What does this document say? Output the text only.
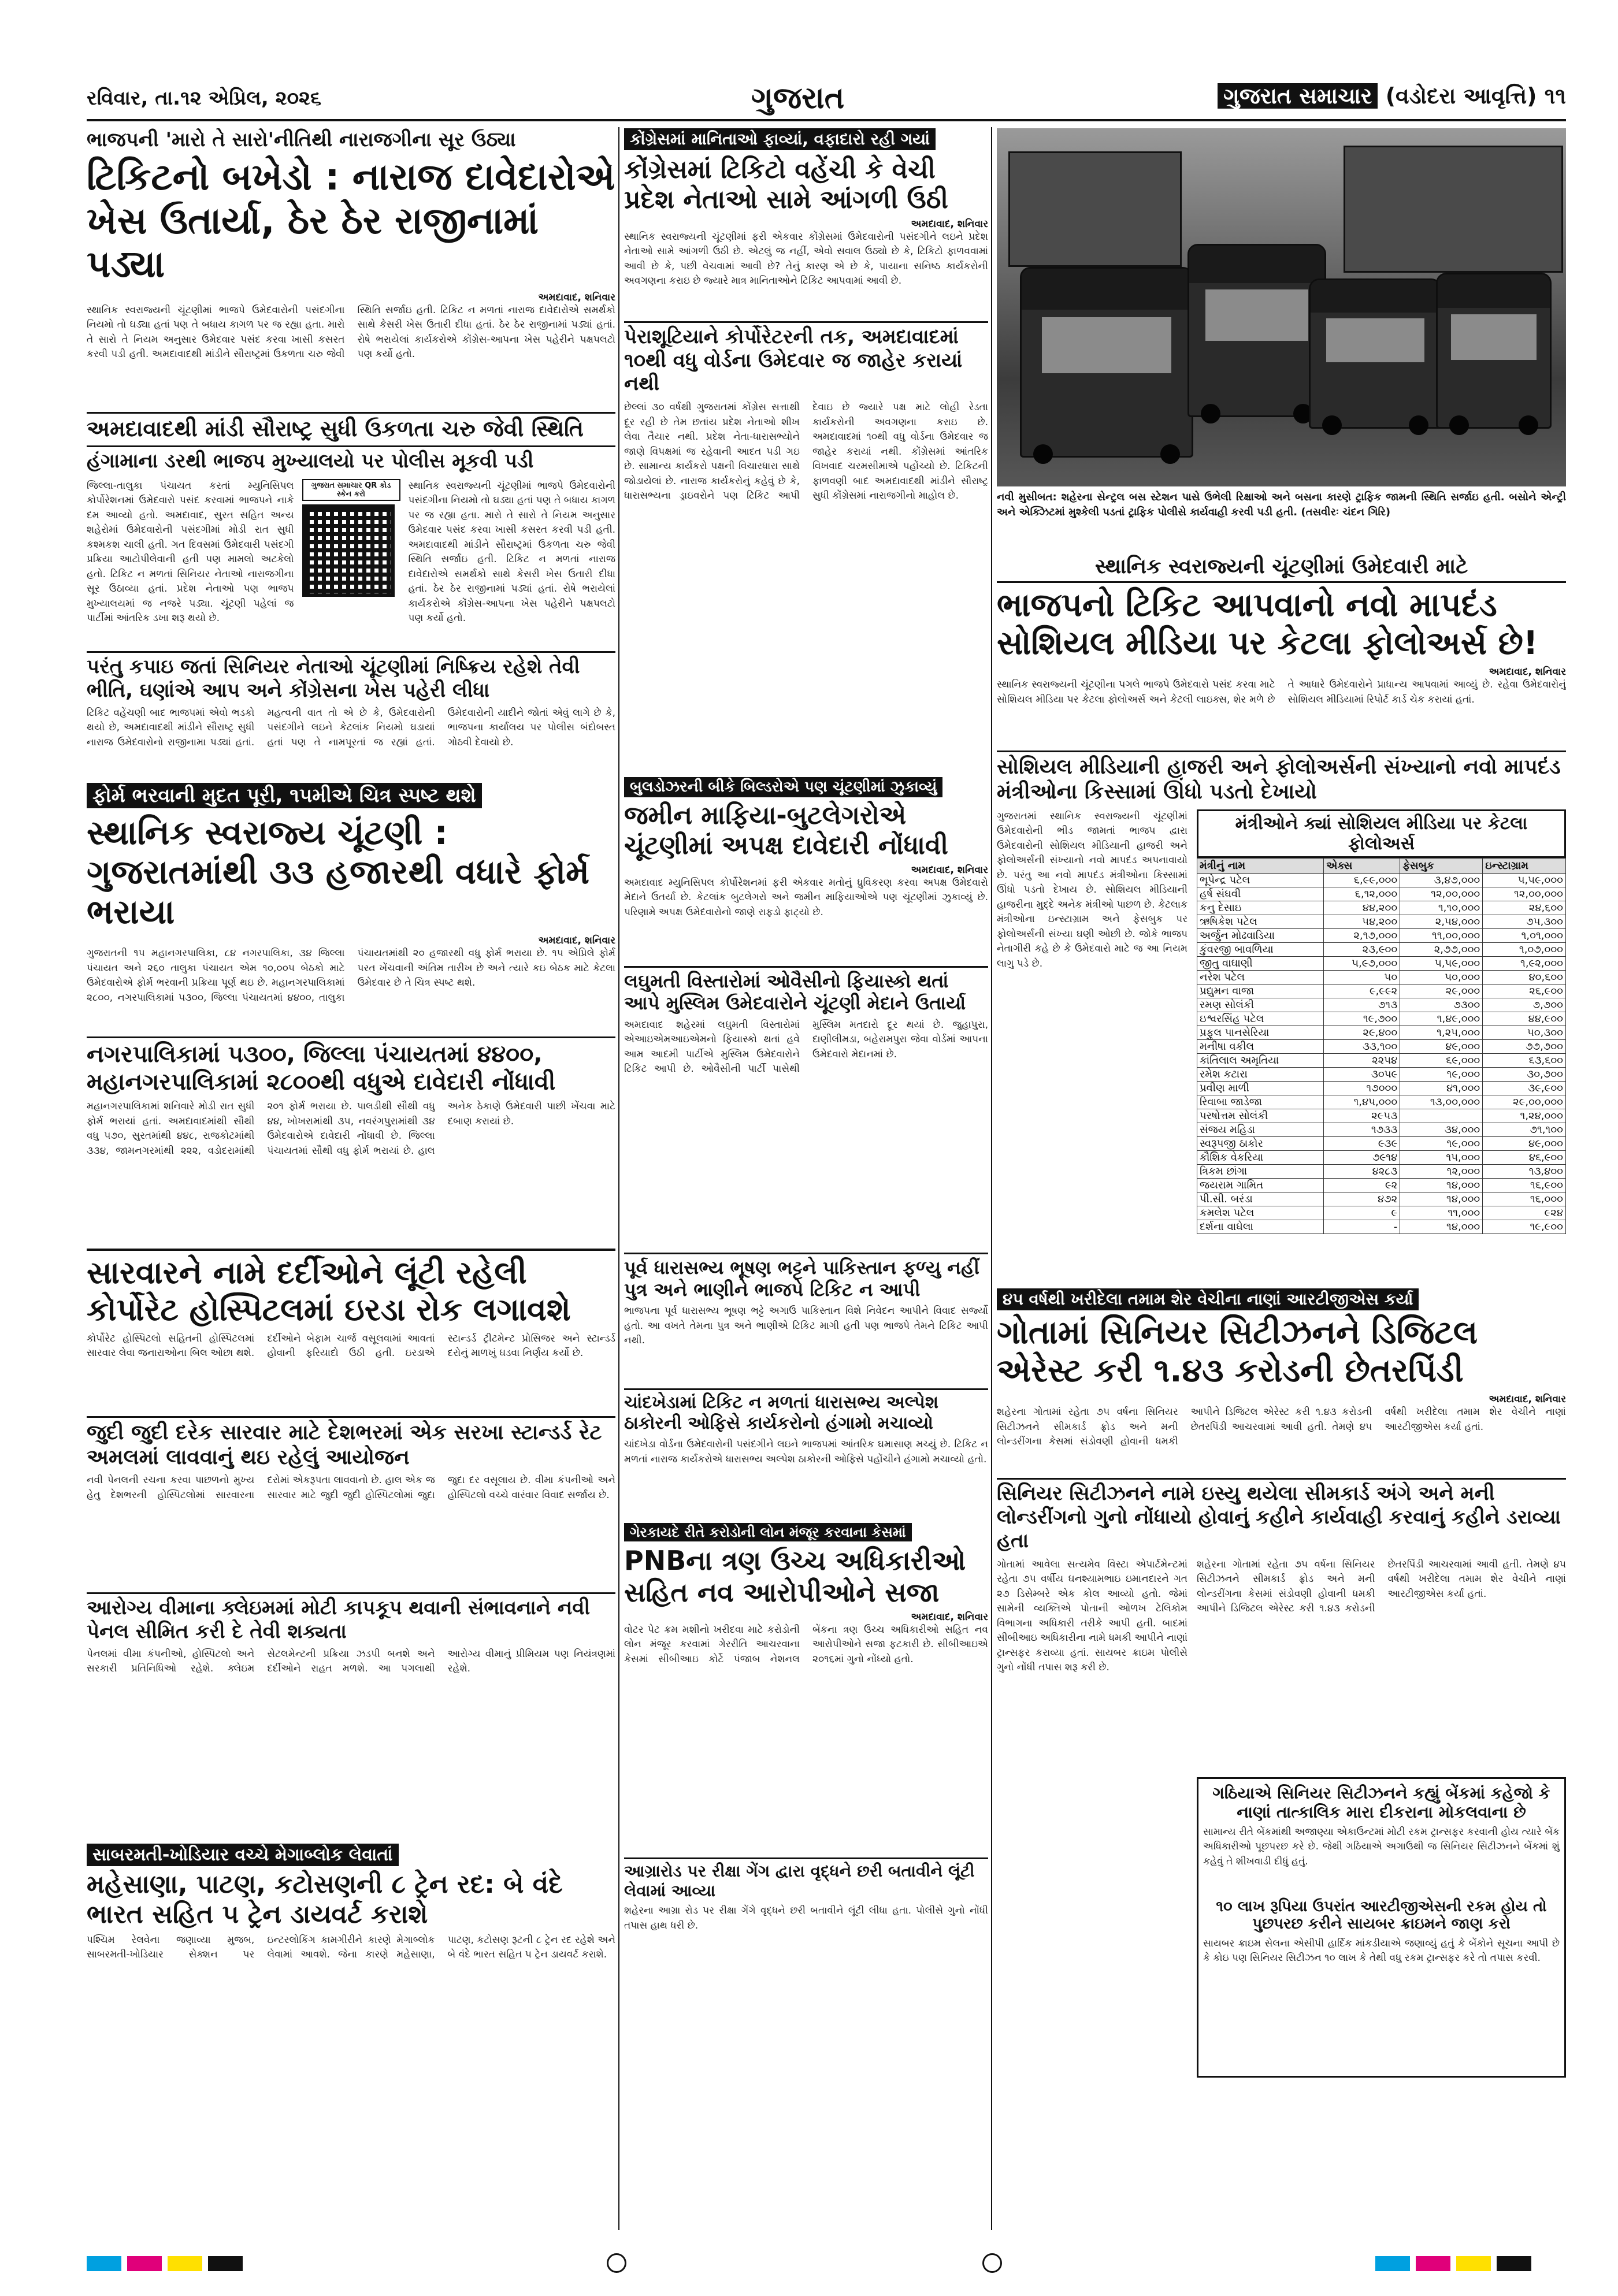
રવિવાર, તા.૧૨ એપ્રિલ, ૨૦૨૬	ગુજરાત	ગુજરાત સમાચાર (વડોદરા આવૃત્તિ) ૧૧
ભાજપની 'મારો તે સારો'નીતિથી નારાજગીના સૂર ઉઠ્યા
ટિકિટનો બખેડો : નારાજ દાવેદારોએ ખેસ ઉતાર્યા, ઠેર ઠેર રાજીનામાં પડ્યા
અમદાવાદ, શનિવાર
સ્થાનિક સ્વરાજ્યની ચૂંટણીમાં ભાજપે ઉમેદવારોની પસંદગીના નિયમો તો ઘડ્યા હતાં પણ તે બધાય કાગળ પર જ રહ્યા હતા. મારો તે સારો તે નિયમ અનુસાર ઉમેદવાર પસંદ કરવા ખાસી કસરત કરવી પડી હતી. અમદાવાદથી માંડીને સૌરાષ્ટ્રમાં ઉકળતા ચરુ જેવી સ્થિતિ સર્જાઇ હતી. ટિકિટ ન મળતાં નારાજ દાવેદારોએ સમર્થકો સાથે કેસરી ખેસ ઉતારી દીધા હતાં. ઠેર ઠેર રાજીનામાં પડ્યાં હતાં. રોષે ભરાયેલાં કાર્યકરોએ કોંગ્રેસ-આપના ખેસ પહેરીને પક્ષપલટો પણ કર્યો હતો.
અમદાવાદથી માંડી સૌરાષ્ટ્ર સુધી ઉકળતા ચરુ જેવી સ્થિતિ
હંગામાના ડરથી ભાજપ મુખ્યાલયો પર પોલીસ મૂકવી પડી
જિલ્લા-તાલુકા પંચાયત કરતાં મ્યુનિસિપલ કોર્પોરેશનમાં ઉમેદવારો પસંદ કરવામાં ભાજપને નાકે દમ આવ્યો હતો. અમદાવાદ, સુરત સહિત અન્ય શહેરોમાં ઉમેદવારોની પસંદગીમાં મોડી રાત સુધી કશ્મકશ ચાલી હતી. ગત દિવસમાં ઉમેદવારી પસંદગી પ્રક્રિયા આટોપીલેવાની હતી પણ મામલો અટકેલો હતો. ટિકિટ ન મળતાં સિનિયર નેતાઓ નારાજગીના સૂર ઉઠાવ્યા હતાં. પ્રદેશ નેતાઓ પણ ભાજપ મુખ્યાલયમાં જ નજરે પડ્યા. ચૂંટણી પહેલાં જ પાર્ટીમાં આંતરિક ડખા શરૂ થયો છે.
ગુજરાત સમાચાર QR કોડ સ્કેન કરો
સ્થાનિક સ્વરાજ્યની ચૂંટણીમાં ભાજપે ઉમેદવારોની પસંદગીના નિયમો તો ઘડ્યા હતાં પણ તે બધાય કાગળ પર જ રહ્યા હતા. મારો તે સારો તે નિયમ અનુસાર ઉમેદવાર પસંદ કરવા ખાસી કસરત કરવી પડી હતી. અમદાવાદથી માંડીને સૌરાષ્ટ્રમાં ઉકળતા ચરુ જેવી સ્થિતિ સર્જાઇ હતી. ટિકિટ ન મળતાં નારાજ દાવેદારોએ સમર્થકો સાથે કેસરી ખેસ ઉતારી દીધા હતાં. ઠેર ઠેર રાજીનામાં પડ્યાં હતાં. રોષે ભરાયેલાં કાર્યકરોએ કોંગ્રેસ-આપના ખેસ પહેરીને પક્ષપલટો પણ કર્યો હતો.
પરંતુ કપાઇ જતાં સિનિયર નેતાઓ ચૂંટણીમાં નિષ્ક્રિય રહેશે તેવી ભીતિ, ઘણાંએ આપ અને કોંગ્રેસના ખેસ પહેરી લીધા
ટિકિટ વહેંચણી બાદ ભાજપમાં એવો ભડકો થયો છે, અમદાવાદથી માંડીને સૌરાષ્ટ્ર સુધી નારાજ ઉમેદવારોનો રાજીનામા પડ્યાં હતાં. મહત્વની વાત તો એ છે કે, ઉમેદવારોની પસંદગીને લઇને કેટલાંક નિયમો ઘડાયાં હતાં પણ તે નામપૂરતાં જ રહ્યાં હતાં. ઉમેદવારોની યાદીને જોતાં એવું લાગે છે કે, ભાજપના કાર્યાલય પર પોલીસ બંદોબસ્ત ગોઠવી દેવાયો છે.
કોંગ્રેસમાં માનિતાઓ ફાવ્યાં, વફાદારો રહી ગયાં
કોંગ્રેસમાં ટિકિટો વહેંચી કે વેચી પ્રદેશ નેતાઓ સામે આંગળી ઉઠી
અમદાવાદ, શનિવાર
સ્થાનિક સ્વરાજ્યની ચૂંટણીમાં ફરી એકવાર કોંગ્રેસમાં ઉમેદવારોની પસંદગીને લઇને પ્રદેશ નેતાઓ સામે આંગળી ઉઠી છે. એટલું જ નહીં, એવો સવાલ ઉઠ્યો છે કે, ટિકિટો ફાળવવામાં આવી છે કે, પછી વેચવામાં આવી છે? તેનું કારણ એ છે કે, પાયાના સનિષ્ઠ કાર્યકરોની અવગણના કરાઇ છે જ્યારે માત્ર માનિતાઓને ટિકિટ આપવામાં આવી છે.
પેરાશૂટિયાને કોર્પોરેટરની તક, અમદાવાદમાં ૧૦થી વધુ વોર્ડના ઉમેદવાર જ જાહેર કરાયાં નથી
છેલ્લાં ૩૦ વર્ષથી ગુજરાતમાં કોંગ્રેસ સત્તાથી દૂર રહી છે તેમ છતાંય પ્રદેશ નેતાઓ શીખ લેવા તૈયાર નથી. પ્રદેશ નેતા-ધારાસભ્યોને જાણે વિપક્ષમાં જ રહેવાની આદત પડી ગઇ છે. સામાન્ય કાર્યકરો પક્ષની વિચારધારા સાથે જોડાયેલાં છે. નારાજ કાર્યકરોનું કહેવું છે કે, ધારાસભ્યના ડ્રાઇવરોને પણ ટિકિટ આપી દેવાઇ છે જ્યારે પક્ષ માટે લોહી રેડતા કાર્યકરોની અવગણના કરાઇ છે. અમદાવાદમાં ૧૦થી વધુ વોર્ડના ઉમેદવાર જ જાહેર કરાયાં નથી. કોંગ્રેસમાં આંતરિક વિખવાદ ચરમસીમાએ પહોંચ્યો છે. ટિકિટની ફાળવણી બાદ અમદાવાદથી માંડીને સૌરાષ્ટ્ર સુધી કોંગ્રેસમાં નારાજગીનો માહોલ છે.	નવી મુસીબત: શહેરના સેન્ટ્રલ બસ સ્ટેશન પાસે ઉભેલી રિક્ષાઓ અને બસના કારણે ટ્રાફિક જામની સ્થિતિ સર્જાઇ હતી. બસોને એન્ટ્રી અને એક્ઝિટમાં મુશ્કેલી પડતાં ટ્રાફિક પોલીસે કાર્યવાહી કરવી પડી હતી. (તસવીરઃ ચંદન ગિરિ)
સ્થાનિક સ્વરાજ્યની ચૂંટણીમાં ઉમેદવારી માટે
ભાજપનો ટિકિટ આપવાનો નવો માપદંડ સોશિયલ મીડિયા પર કેટલા ફોલોઅર્સ છે!
અમદાવાદ, શનિવાર
સ્થાનિક સ્વરાજ્યની ચૂંટણીના પગલે ભાજપે ઉમેદવારો પસંદ કરવા માટે સોશિયલ મીડિયા પર કેટલા ફોલોઅર્સ અને કેટલી લાઇક્સ, શેર મળે છે તે આધારે ઉમેદવારોને પ્રાધાન્ય આપવામાં આવ્યું છે. રહેવા ઉમેદવારોનું સોશિયલ મીડિયામાં રિપોર્ટ કાર્ડ ચેક કરાયાં હતાં.
સોશિયલ મીડિયાની હાજરી અને ફોલોઅર્સની સંખ્યાનો નવો માપદંડ મંત્રીઓના કિસ્સામાં ઊંધો પડતો દેખાયો
ગુજરાતમાં સ્થાનિક સ્વરાજ્યની ચૂંટણીમાં ઉમેદવારોની ભીડ જામતાં ભાજપ દ્વારા ઉમેદવારોની સોશિયલ મીડિયાની હાજરી અને ફોલોઅર્સની સંખ્યાનો નવો માપદંડ અપનાવાયો છે. પરંતુ આ નવો માપદંડ મંત્રીઓના કિસ્સામાં ઊંધો પડતો દેખાય છે. સોશિયલ મીડિયાની હાજરીના મુદ્દે અનેક મંત્રીઓ પાછળ છે. કેટલાક મંત્રીઓના ઇન્સ્ટાગ્રામ અને ફેસબુક પર ફોલોઅર્સની સંખ્યા ઘણી ઓછી છે. જોકે ભાજપ નેતાગીરી કહે છે કે ઉમેદવારો માટે જ આ નિયમ લાગુ પડે છે.
મંત્રીઓને ક્યાં સોશિયલ મીડિયા પર કેટલા ફોલોઅર્સ
મંત્રીનું નામ	એક્સ	ફેસબુક	ઇન્સ્ટાગ્રામ
ભૂપેન્દ્ર પટેલ	૬,૯૯,૦૦૦	૩,૪૭,૦૦૦	૫,૫૯,૦૦૦
હર્ષ સંઘવી	૬,૧૨,૦૦૦	૧૨,૦૦,૦૦૦	૧૨,૦૦,૦૦૦
કનુ દેસાઇ	૪૪,૨૦૦	૧,૧૦,૦૦૦	૨૪,૬૦૦
ઋષિકેશ પટેલ	૫૪,૨૦૦	૨,૫૪,૦૦૦	૭૫,૩૦૦
અર્જુન મોઢવાડિયા	૨,૧૭,૦૦૦	૧૧,૦૦,૦૦૦	૧,૦૧,૦૦૦
કુંવરજી બાવળિયા	૨૩,૯૦૦	૨,૭૭,૦૦૦	૧,૦૭,૦૦૦
જીતુ વાઘાણી	૫,૯૭,૦૦૦	૫,૫૯,૦૦૦	૧,૯૨,૦૦૦
નરેશ પટેલ	૫૦	૫૦,૦૦૦	૪૦,૬૦૦
પ્રદ્યુમન વાજા	૯,૯૯૨	૨૯,૦૦૦	૨૬,૯૦૦
રમણ સોલંકી	૭૧૩	૭૩૦૦	૭,૭૦૦
ઇશ્વરસિંહ પટેલ	૧૯,૭૦૦	૧,૪૯,૦૦૦	૪૪,૯૦૦
પ્રફુલ પાનસેરિયા	૨૯,૪૦૦	૧,૨૫,૦૦૦	૫૦,૩૦૦
મનીષા વકીલ	૩૩,૧૦૦	૪૯,૦૦૦	૭૭,૭૦૦
કાંતિલાલ અમૃતિયા	૨૨૫૪	૬૯,૦૦૦	૬૩,૬૦૦
રમેશ કટારા	૩૦૫૯	૧૯,૦૦૦	૩૦,૭૦૦
પ્રવીણ માળી	૧૭૦૦૦	૪૧,૦૦૦	૩૯,૯૦૦
રિવાબા જાડેજા	૧,૪૫,૦૦૦	૧૩,૦૦,૦૦૦	૨૯,૦૦,૦૦૦
પરષોત્તમ સોલંકી	૨૯૫૩		૧,૨૪,૦૦૦
સંજય મહિડા	૧૭૩૩	૩૪,૦૦૦	૭૧,૧૦૦
સ્વરૂપજી ઠાકોર	૯૩૯	૧૯,૦૦૦	૪૯,૦૦૦
કૌશિક વેકરિયા	૭૯૧૪	૧૫,૦૦૦	૪૬,૯૦૦
ત્રિકમ છાંગા	૪૨૮૩	૧૨,૦૦૦	૧૩,૪૦૦
જયરામ ગામિત	૯૨	૧૪,૦૦૦	૧૬,૯૦૦
પી.સી. બરંડા	૪૭૨	૧૪,૦૦૦	૧૬,૦૦૦
કમલેશ પટેલ	૯	૧૧,૦૦૦	૯૨૪
દર્શના વાઘેલા	-	૧૪,૦૦૦	૧૯,૯૦૦
ફોર્મ ભરવાની મુદત પૂરી, ૧૫મીએ ચિત્ર સ્પષ્ટ થશે
સ્થાનિક સ્વરાજ્ય ચૂંટણી : ગુજરાતમાંથી ૩૩ હજારથી વધારે ફોર્મ ભરાયા
અમદાવાદ, શનિવાર
ગુજરાતની ૧૫ મહાનગરપાલિકા, ૮૪ નગરપાલિકા, ૩૪ જિલ્લા પંચાયત અને ૨૬૦ તાલુકા પંચાયત એમ ૧૦,૦૦૫ બેઠકો માટે ઉમેદવારોએ ફોર્મ ભરવાની પ્રક્રિયા પૂર્ણ થઇ છે. મહાનગરપાલિકામાં ૨૮૦૦, નગરપાલિકામાં ૫૩૦૦, જિલ્લા પંચાયતમાં ૪૪૦૦, તાલુકા પંચાયતમાંથી ૨૦ હજારથી વધુ ફોર્મ ભરાયા છે. ૧૫ એપ્રિલે ફોર્મ પરત ખેંચવાની અંતિમ તારીખ છે અને ત્યારે કઇ બેઠક માટે કેટલા ઉમેદવાર છે તે ચિત્ર સ્પષ્ટ થશે.
નગરપાલિકામાં ૫૩૦૦, જિલ્લા પંચાયતમાં ૪૪૦૦, મહાનગરપાલિકામાં ૨૮૦૦થી વધુએ દાવેદારી નોંધાવી
મહાનગરપાલિકામાં શનિવારે મોડી રાત સુધી ફોર્મ ભરાયાં હતાં. અમદાવાદમાંથી સૌથી વધુ ૫૭૦, સુરતમાંથી ૪૪૮, રાજકોટમાંથી ૩૩૪, જામનગરમાંથી ૨૨૨, વડોદરામાંથી ૨૦૧ ફોર્મ ભરાયા છે. પાલડીથી સૌથી વધુ ૪૪, ખોખરામાંથી ૩૫, નવરંગપુરામાંથી ૩૪ ઉમેદવારોએ દાવેદારી નોંધાવી છે. જિલ્લા પંચાયતમાં સૌથી વધુ ફોર્મ ભરાયાં છે. હાલ અનેક ઠેકાણે ઉમેદવારી પાછી ખેંચવા માટે દબાણ કરાયાં છે.
સારવારને નામે દર્દીઓને લૂંટી રહેલી કોર્પોરેટ હોસ્પિટલમાં ઇરડા રોક લગાવશે
કોર્પોરેટ હોસ્પિટલો સહિતની હોસ્પિટલમાં સારવાર લેવા જનારાઓના બિલ ઓછા થશે. દર્દીઓને બેફામ ચાર્જ વસૂલવામાં આવતાં હોવાની ફરિયાદો ઉઠી હતી. ઇરડાએ સ્ટાન્ડર્ડ ટ્રીટમેન્ટ પ્રોસિજર અને સ્ટાન્ડર્ડ દરોનું માળખું ઘડવા નિર્ણય કર્યો છે.
જુદી જુદી દરેક સારવાર માટે દેશભરમાં એક સરખા સ્ટાન્ડર્ડ રેટ અમલમાં લાવવાનું થઇ રહેલું આયોજન
નવી પેનલની રચના કરવા પાછળનો મુખ્ય હેતુ દેશભરની હોસ્પિટલોમાં સારવારના દરોમાં એકરૂપતા લાવવાનો છે. હાલ એક જ સારવાર માટે જુદી જુદી હોસ્પિટલોમાં જુદા જુદા દર વસૂલાય છે. વીમા કંપનીઓ અને હોસ્પિટલો વચ્ચે વારંવાર વિવાદ સર્જાય છે.
આરોગ્ય વીમાના ક્લેઇમમાં મોટી કાપકૂપ થવાની સંભાવનાને નવી પેનલ સીમિત કરી દે તેવી શક્યતા
પેનલમાં વીમા કંપનીઓ, હોસ્પિટલો અને સરકારી પ્રતિનિધિઓ રહેશે. ક્લેઇમ સેટલમેન્ટની પ્રક્રિયા ઝડપી બનશે અને દર્દીઓને રાહત મળશે. આ પગલાથી આરોગ્ય વીમાનું પ્રીમિયમ પણ નિયંત્રણમાં રહેશે.
સાબરમતી-ખોડિયાર વચ્ચે મેગાબ્લોક લેવાતાં
મહેસાણા, પાટણ, કટોસણની ૮ ટ્રેન રદ: બે વંદે ભારત સહિત ૫ ટ્રેન ડાયવર્ટ કરાશે
પશ્ચિમ રેલવેના જણાવ્યા મુજબ, સાબરમતી-ખોડિયાર સેક્શન પર ઇન્ટરલોકિંગ કામગીરીને કારણે મેગાબ્લોક લેવામાં આવશે. જેના કારણે મહેસાણા, પાટણ, કટોસણ રૂટની ૮ ટ્રેન રદ રહેશે અને બે વંદે ભારત સહિત ૫ ટ્રેન ડાયવર્ટ કરાશે.
બુલડોઝરની બીકે બિલ્ડરોએ પણ ચૂંટણીમાં ઝુકાવ્યું
જમીન માફિયા-બુટલેગરોએ ચૂંટણીમાં અપક્ષ દાવેદારી નોંધાવી
અમદાવાદ, શનિવાર
અમદાવાદ મ્યુનિસિપલ કોર્પોરેશનમાં ફરી એકવાર મતોનું ધ્રુવિકરણ કરવા અપક્ષ ઉમેદવારો મેદાને ઉતર્યા છે. કેટલાંક બુટલેગરો અને જમીન માફિયાઓએ પણ ચૂંટણીમાં ઝુકાવ્યું છે. પરિણામે અપક્ષ ઉમેદવારોનો જાણે રાફડો ફાટ્યો છે.
લઘુમતી વિસ્તારોમાં ઓવૈસીનો ફિયાસ્કો થતાં આપે મુસ્લિમ ઉમેદવારોને ચૂંટણી મેદાને ઉતાર્યા
અમદાવાદ શહેરમાં લઘુમતી વિસ્તારોમાં એઆઇએમઆઇએમનો ફિયાસ્કો થતાં હવે આમ આદમી પાર્ટીએ મુસ્લિમ ઉમેદવારોને ટિકિટ આપી છે. ઓવૈસીની પાર્ટી પાસેથી મુસ્લિમ મતદારો દૂર થયાં છે. જુહાપુરા, દાણીલીમડા, બહેરામપુરા જેવા વોર્ડમાં આપના ઉમેદવારો મેદાનમાં છે.
પૂર્વ ધારાસભ્ય ભૂષણ ભટ્ટને પાકિસ્તાન ફળ્યુ નહીં પુત્ર અને ભાણીને ભાજપે ટિકિટ ન આપી
ભાજપના પૂર્વ ધારાસભ્ય ભૂષણ ભટ્ટે અગાઉ પાકિસ્તાન વિશે નિવેદન આપીને વિવાદ સર્જ્યો હતો. આ વખતે તેમના પુત્ર અને ભાણીએ ટિકિટ માગી હતી પણ ભાજપે તેમને ટિકિટ આપી નથી.
ચાંદખેડામાં ટિકિટ ન મળતાં ધારાસભ્ય અલ્પેશ ઠાકોરની ઓફિસે કાર્યકરોનો હંગામો મચાવ્યો
ચાંદખેડા વોર્ડના ઉમેદવારોની પસંદગીને લઇને ભાજપમાં આંતરિક ઘમાસાણ મચ્યું છે. ટિકિટ ન મળતાં નારાજ કાર્યકરોએ ધારાસભ્ય અલ્પેશ ઠાકોરની ઓફિસે પહોંચીને હંગામો મચાવ્યો હતો.
ગેરકાયદે રીતે કરોડોની લોન મંજૂર કરવાના કેસમાં
PNBના ત્રણ ઉચ્ચ અધિકારીઓ સહિત નવ આરોપીઓને સજા
અમદાવાદ, શનિવાર
વોટર પેટ ક્રમ મશીનો ખરીદવા માટે કરોડોની લોન મંજૂર કરવામાં ગેરરીતિ આચરવાના કેસમાં સીબીઆઇ કોર્ટે પંજાબ નેશનલ બેંકના ત્રણ ઉચ્ચ અધિકારીઓ સહિત નવ આરોપીઓને સજા ફટકારી છે. સીબીઆઇએ ૨૦૧૬માં ગુનો નોંધ્યો હતો.
આગ્રારોડ પર રીક્ષા ગેંગ દ્વારા વૃદ્ધને છરી બતાવીને લૂંટી લેવામાં આવ્યા
શહેરના આગ્રા રોડ પર રીક્ષા ગેંગે વૃદ્ધને છરી બતાવીને લૂંટી લીધા હતા. પોલીસે ગુનો નોંધી તપાસ હાથ ધરી છે.
૪૫ વર્ષથી ખરીદેલા તમામ શેર વેચીના નાણાં આરટીજીએસ કર્યા
ગોતામાં સિનિયર સિટીઝનને ડિજિટલ એરેસ્ટ કરી ૧.૪૩ કરોડની છેતરપિંડી
અમદાવાદ, શનિવાર
શહેરના ગોતામાં રહેતા ૭૫ વર્ષના સિનિયર સિટીઝનને સીમકાર્ડ ફ્રોડ અને મની લોન્ડરીંગના કેસમાં સંડોવણી હોવાની ધમકી આપીને ડિજિટલ એરેસ્ટ કરી ૧.૪૩ કરોડની છેતરપિંડી આચરવામાં આવી હતી. તેમણે ૪૫ વર્ષથી ખરીદેલા તમામ શેર વેચીને નાણાં આરટીજીએસ કર્યા હતાં.
સિનિયર સિટીઝનને નામે ઇસ્યુ થયેલા સીમકાર્ડ અંગે અને મની લોન્ડરીંગનો ગુનો નોંધાયો હોવાનું કહીને કાર્યવાહી કરવાનું કહીને ડરાવ્યા હતા
ગોતામાં આવેલા સત્યમેવ વિસ્ટા એપાર્ટમેન્ટમાં રહેતા ૭૫ વર્ષીય ઘનશ્યામભાઇ ઇમાનદારને ગત ૨૭ ડિસેમ્બરે એક કોલ આવ્યો હતો. જેમાં સામેની વ્યક્તિએ પોતાની ઓળખ ટેલિકોમ વિભાગના અધિકારી તરીકે આપી હતી. બાદમાં સીબીઆઇ અધિકારીના નામે ધમકી આપીને નાણાં ટ્રાન્સફર કરાવ્યા હતાં. સાયબર ક્રાઇમ પોલીસે ગુનો નોંધી તપાસ શરૂ કરી છે.
શહેરના ગોતામાં રહેતા ૭૫ વર્ષના સિનિયર સિટીઝનને સીમકાર્ડ ફ્રોડ અને મની લોન્ડરીંગના કેસમાં સંડોવણી હોવાની ધમકી આપીને ડિજિટલ એરેસ્ટ કરી ૧.૪૩ કરોડની છેતરપિંડી આચરવામાં આવી હતી. તેમણે ૪૫ વર્ષથી ખરીદેલા તમામ શેર વેચીને નાણાં આરટીજીએસ કર્યા હતાં.
ગઠિયાએ સિનિયર સિટીઝનને કહ્યું બેંકમાં કહેજો કે નાણાં તાત્કાલિક મારા દીકરાના મોકલવાના છે
સામાન્ય રીતે બેંકમાંથી અજાણ્યા એકાઉન્ટમાં મોટી રકમ ટ્રાન્સફર કરવાની હોય ત્યારે બેંક અધિકારીઓ પૂછપરછ કરે છે. જેથી ગઠિયાએ અગાઉથી જ સિનિયર સિટીઝનને બેંકમાં શું કહેવું તે શીખવાડી દીધું હતું.
૧૦ લાખ રૂપિયા ઉપરાંત આરટીજીએસની રકમ હોય તો પુછપરછ કરીને સાયબર ક્રાઇમને જાણ કરો
સાયબર ક્રાઇમ સેલના એસીપી હાર્દિક માંકડીયાએ જણાવ્યું હતું કે બેંકોને સૂચના આપી છે કે કોઇ પણ સિનિયર સિટીઝન ૧૦ લાખ કે તેથી વધુ રકમ ટ્રાન્સફર કરે તો તપાસ કરવી.
